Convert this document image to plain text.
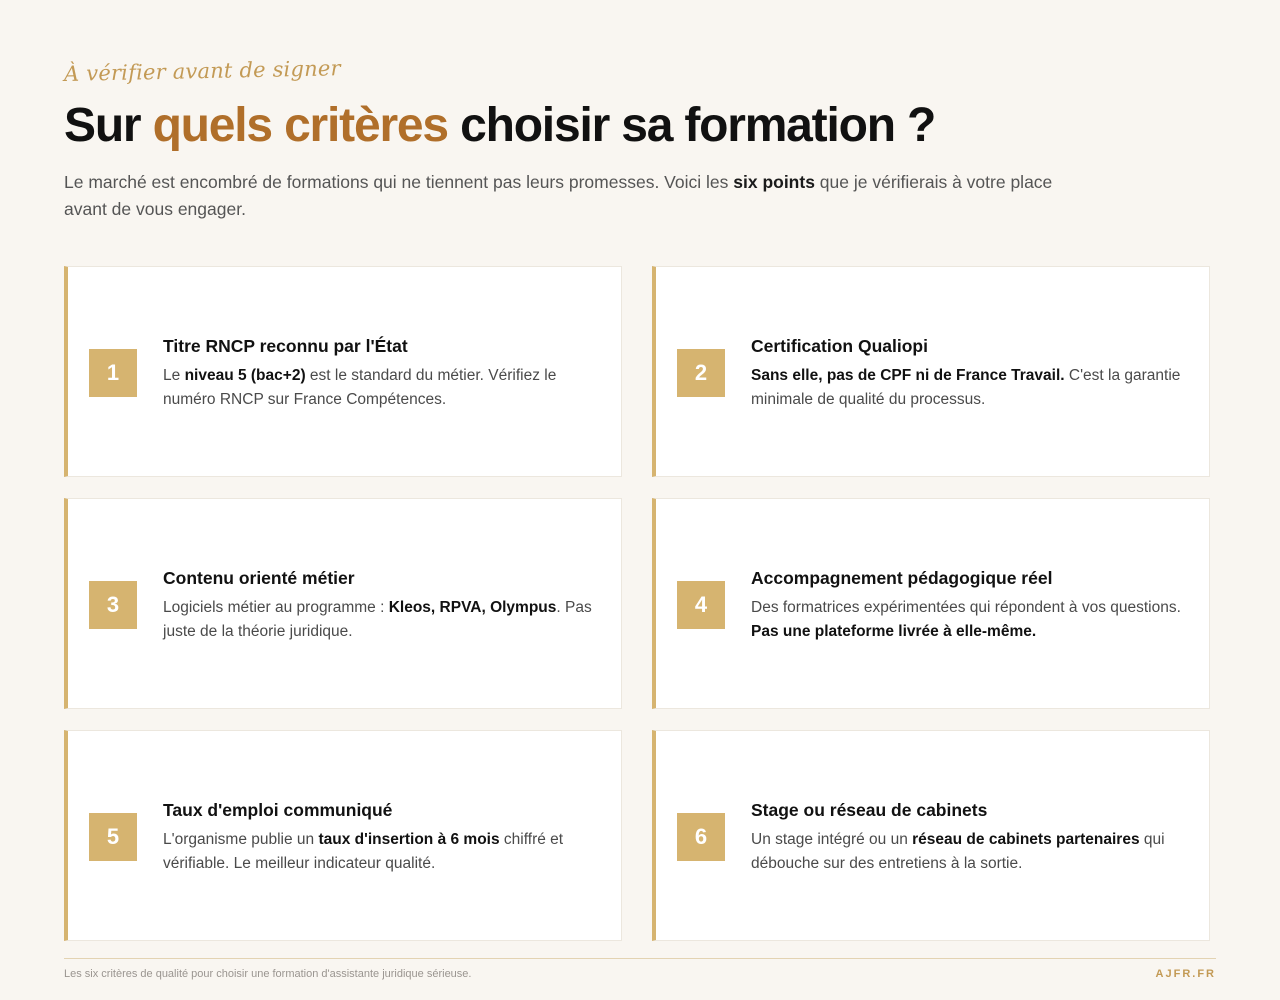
À vérifier avant de signer
Sur quels critères choisir sa formation ?

Le marché est encombré de formations qui ne tiennent pas leurs promesses. Voici les six points que je vérifierais à votre place avant de vous engager.

1
Titre RNCP reconnu par l'État

Le niveau 5 (bac+2) est le standard du métier. Vérifiez le numéro RNCP sur France Compétences.

2
Certification Qualiopi

Sans elle, pas de CPF ni de France Travail. C'est la garantie minimale de qualité du processus.

3
Contenu orienté métier

Logiciels métier au programme : Kleos, RPVA, Olympus. Pas juste de la théorie juridique.

4
Accompagnement pédagogique réel

Des formatrices expérimentées qui répondent à vos questions. Pas une plateforme livrée à elle-même.

5
Taux d'emploi communiqué

L'organisme publie un taux d'insertion à 6 mois chiffré et vérifiable. Le meilleur indicateur qualité.

6
Stage ou réseau de cabinets

Un stage intégré ou un réseau de cabinets partenaires qui débouche sur des entretiens à la sortie.

Les six critères de qualité pour choisir une formation d'assistante juridique sérieuse.	AJFR.FR
